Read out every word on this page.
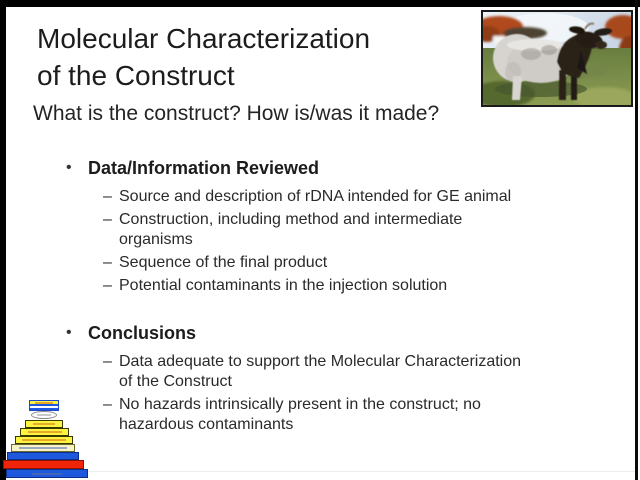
Molecular Characterization
of the Construct
What is the construct? How is/was it made?
• Data/Information Reviewed
– Source and description of rDNA intended for GE animal
– Construction, including method and intermediate
organisms
– Sequence of the final product
– Potential contaminants in the injection solution
• Conclusions
– Data adequate to support the Molecular Characterization
of the Construct
– No hazards intrinsically present in the construct; no
hazardous contaminants
